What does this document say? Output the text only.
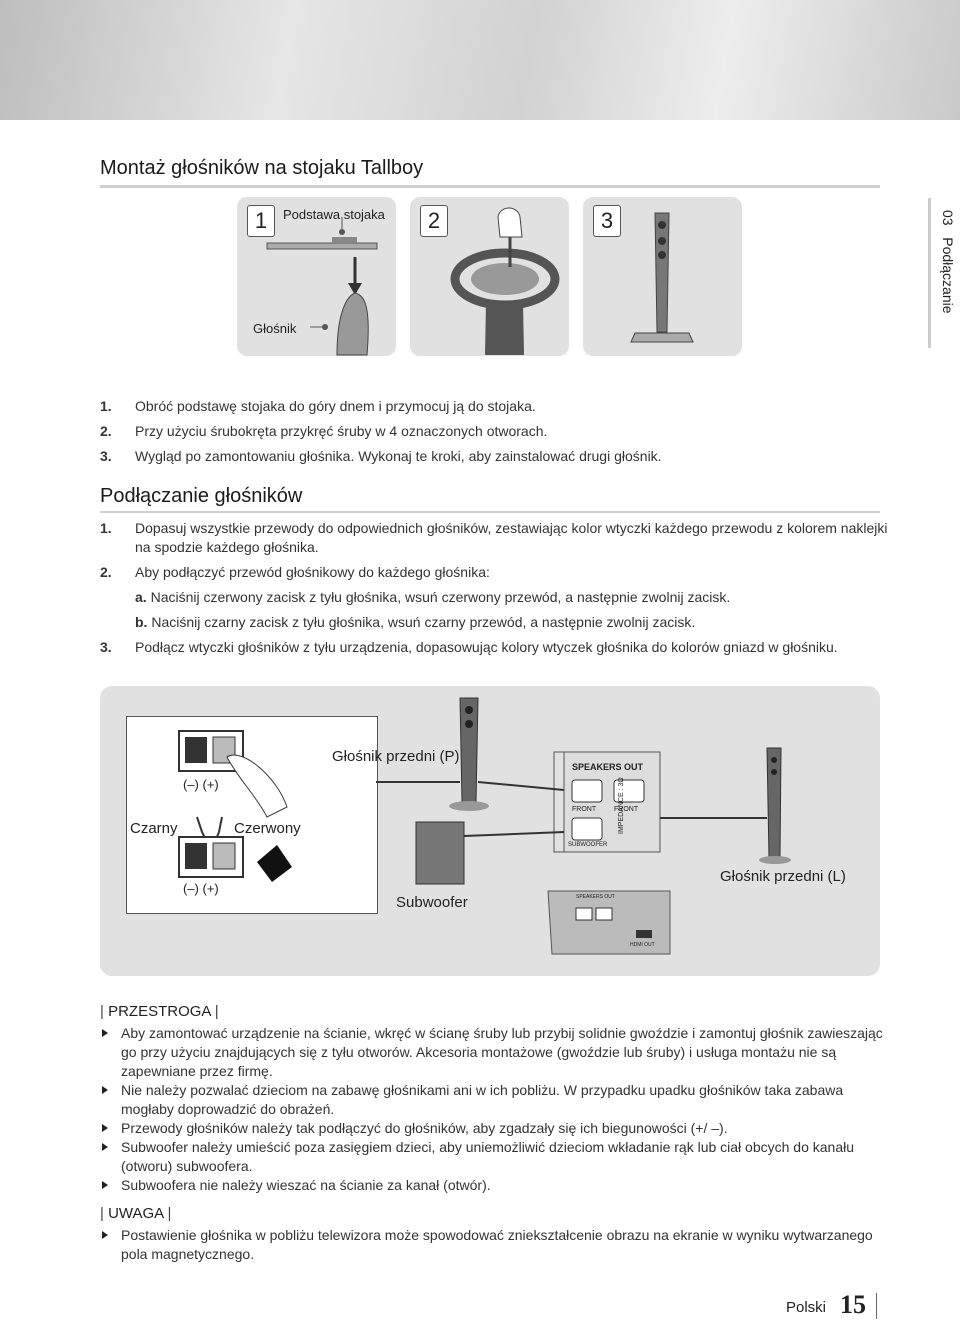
Montaż głośników na stojaku Tallboy
03   Podłączanie
1	Podstawa stojaka
Głośnik
2	3
1. Obróć podstawę stojaka do góry dnem i przymocuj ją do stojaka.
2. Przy użyciu śrubokręta przykręć śruby w 4 oznaczonych otworach.
3. Wygląd po zamontowaniu głośnika. Wykonaj te kroki, aby zainstalować drugi głośnik.
Podłączanie głośników
1. Dopasuj wszystkie przewody do odpowiednich głośników, zestawiając kolor wtyczki każdego przewodu z kolorem naklejki na spodzie każdego głośnika.
2. Aby podłączyć przewód głośnikowy do każdego głośnika:
a. Naciśnij czerwony zacisk z tyłu głośnika, wsuń czerwony przewód, a następnie zwolnij zacisk.
b. Naciśnij czarny zacisk z tyłu głośnika, wsuń czarny przewód, a następnie zwolnij zacisk.
3. Podłącz wtyczki głośników z tyłu urządzenia, dopasowując kolory wtyczek głośnika do kolorów gniazd w głośniku.
(–) (+)
(–) (+)
Czarny	Czerwony
Głośnik przedni (P)
Głośnik przedni (L)
Subwoofer
SPEAKERS OUT
FRONT	FRONT
SUBWOOFER
IMPEDANCE : 3Ω
SPEAKERS OUT
HDMI OUT
| PRZESTROGA |
Aby zamontować urządzenie na ścianie, wkręć w ścianę śruby lub przybij solidnie gwoździe i zamontuj głośnik zawieszając go przy użyciu znajdujących się z tyłu otworów. Akcesoria montażowe (gwoździe lub śruby) i usługa montażu nie są zapewniane przez firmę.
Nie należy pozwalać dzieciom na zabawę głośnikami ani w ich pobliżu. W przypadku upadku głośników taka zabawa mogłaby doprowadzić do obrażeń.
Przewody głośników należy tak podłączyć do głośników, aby zgadzały się ich biegunowości (+/ –).
Subwoofer należy umieścić poza zasięgiem dzieci, aby uniemożliwić dzieciom wkładanie rąk lub ciał obcych do kanału (otworu) subwoofera.
Subwoofera nie należy wieszać na ścianie za kanał (otwór).
| UWAGA |
Postawienie głośnika w pobliżu telewizora może spowodować zniekształcenie obrazu na ekranie w wyniku wytwarzanego pola magnetycznego.
Polski 15
